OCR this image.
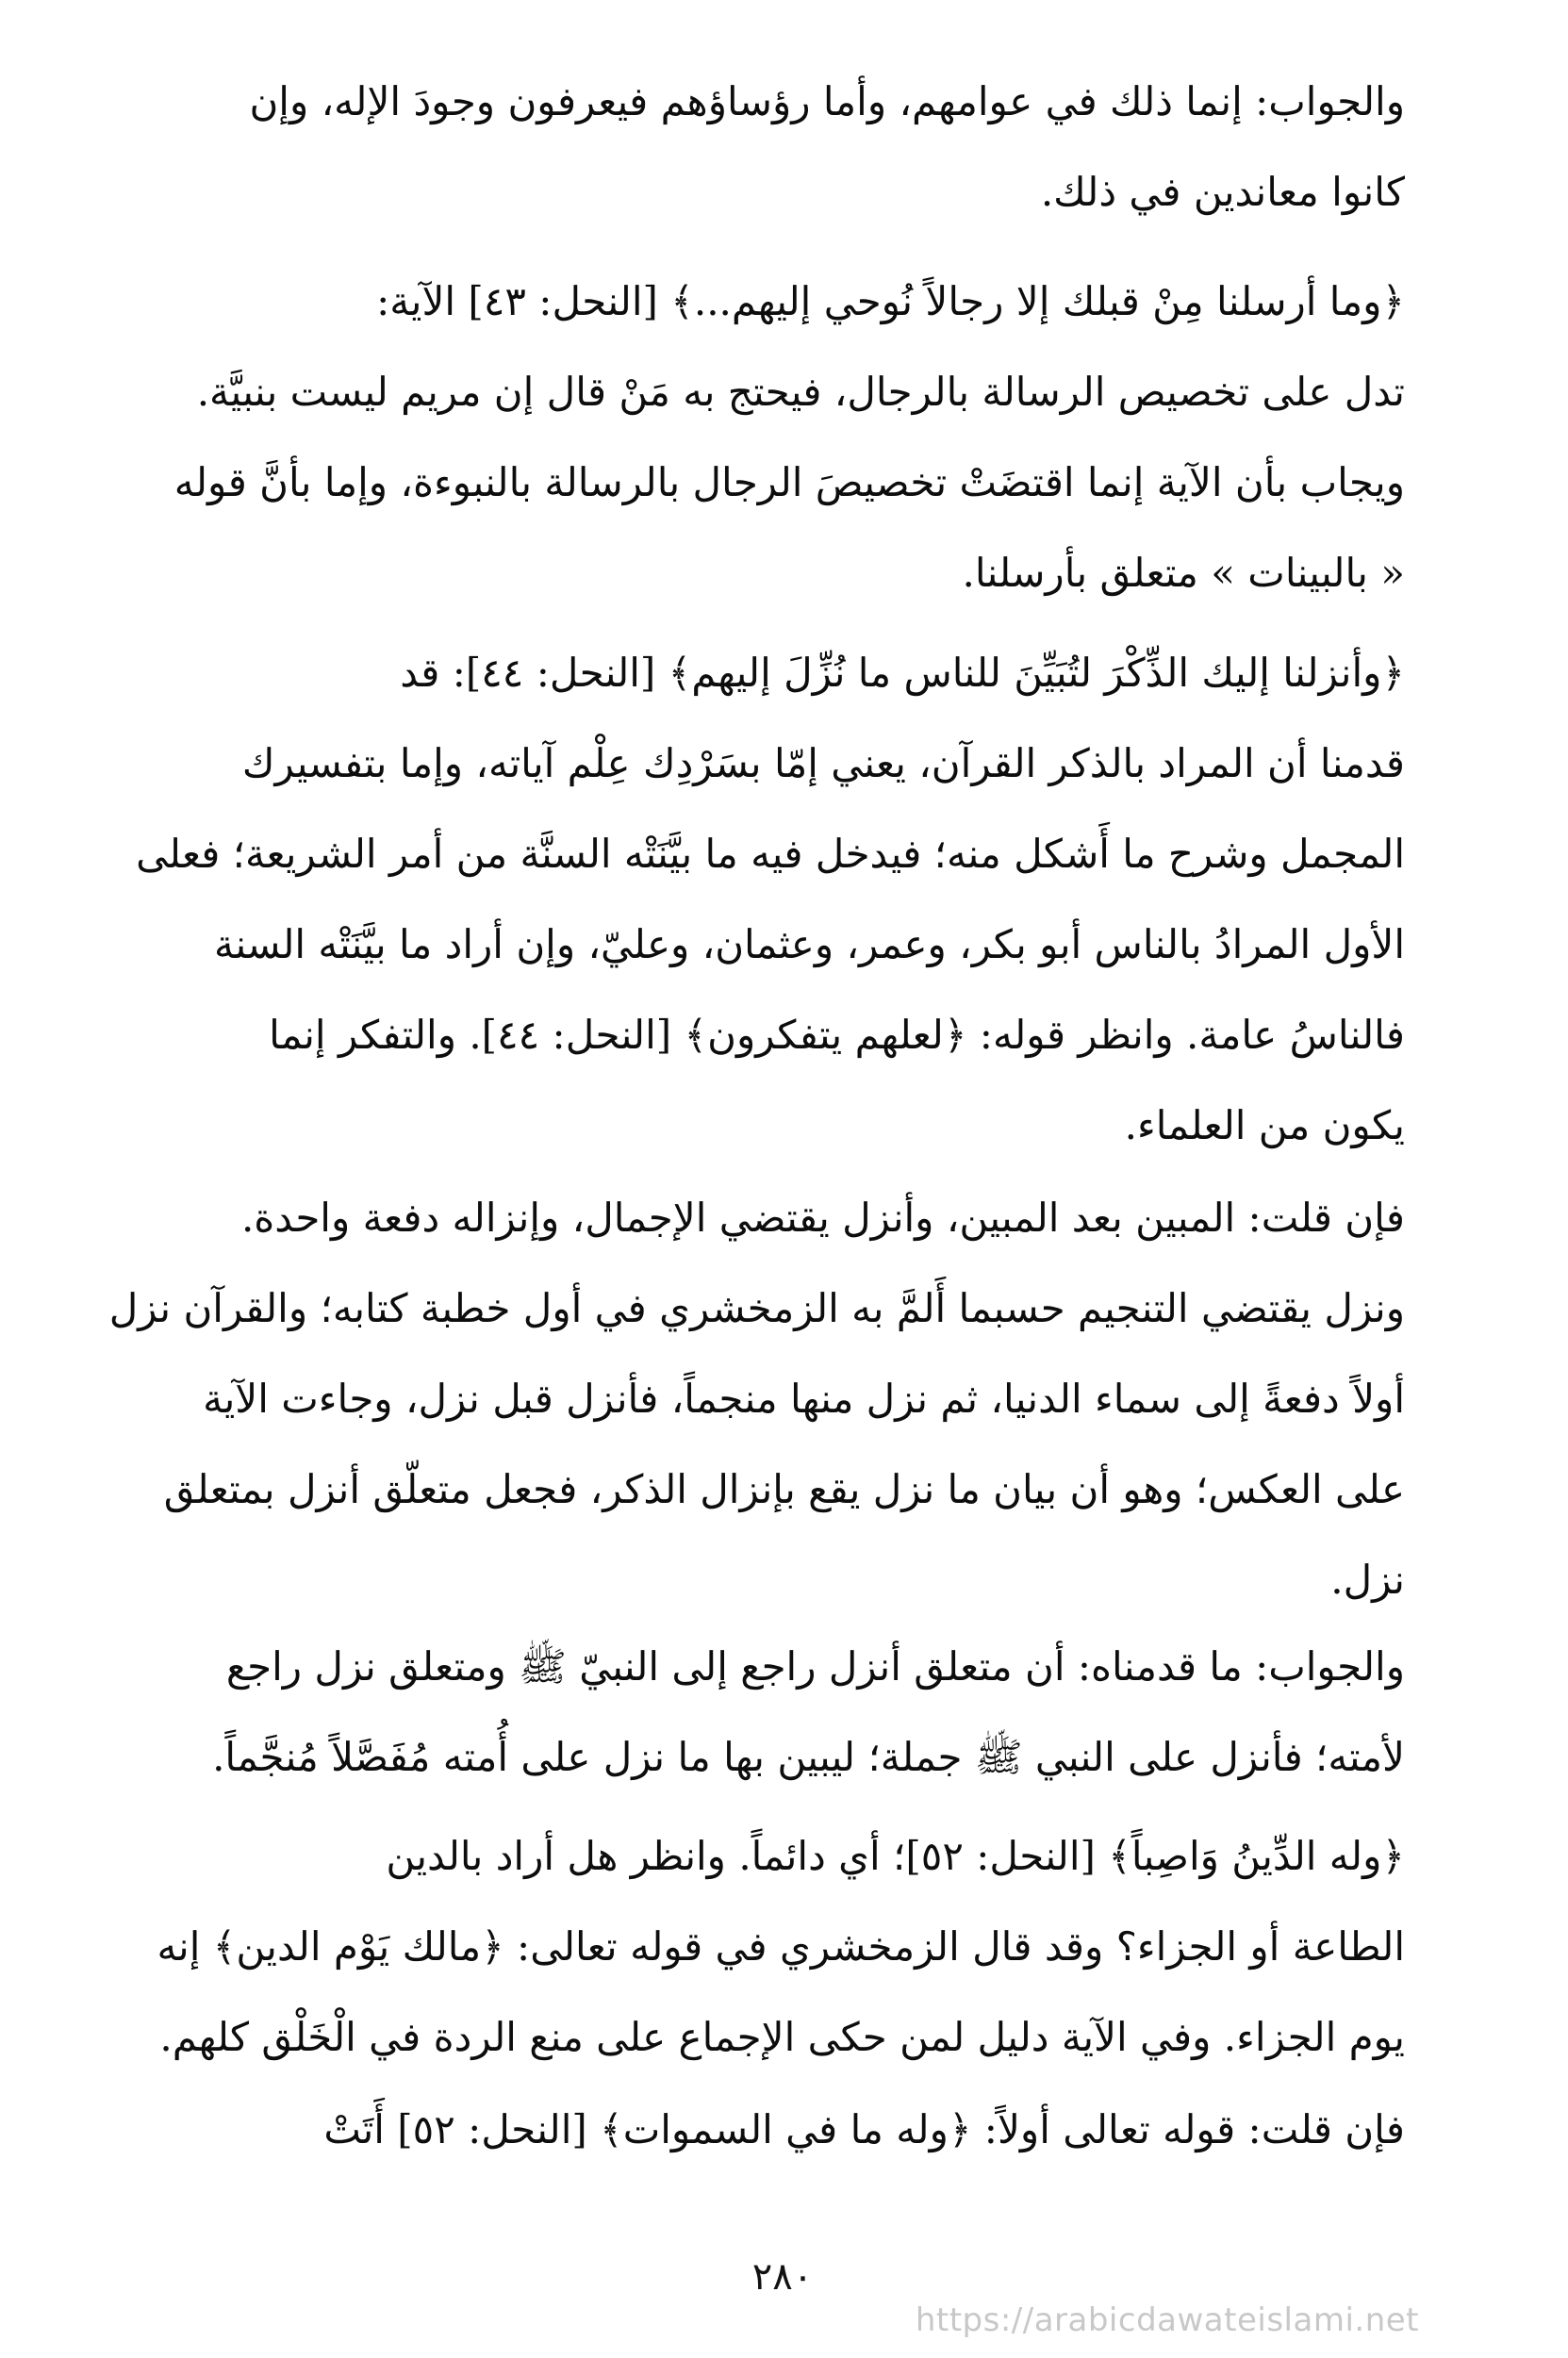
والجواب: إنما ذلك في عوامهم، وأما رؤساؤهم فيعرفون وجودَ الإله، وإن
كانوا معاندين في ذلك.
﴿وما أرسلنا مِنْ قبلك إلا رجالاً نُوحي إليهم...﴾ [النحل: ٤٣] الآية:
تدل على تخصيص الرسالة بالرجال، فيحتج به مَنْ قال إن مريم ليست بنبيَّة.
ويجاب بأن الآية إنما اقتضَتْ تخصيصَ الرجال بالرسالة بالنبوءة، وإما بأنَّ قوله
« بالبينات » متعلق بأرسلنا.
﴿وأنزلنا إليك الذِّكْرَ لتُبَيِّنَ للناس ما نُزِّلَ إليهم﴾ [النحل: ٤٤]: قد
قدمنا أن المراد بالذكر القرآن، يعني إمّا بسَرْدِك عِلْم آياته، وإما بتفسيرك
المجمل وشرح ما أَشكل منه؛ فيدخل فيه ما بيَّنَتْه السنَّة من أمر الشريعة؛ فعلى
الأول المرادُ بالناس أبو بكر، وعمر، وعثمان، وعليّ، وإن أراد ما بيَّنَتْه السنة
فالناسُ عامة. وانظر قوله: ﴿لعلهم يتفكرون﴾ [النحل: ٤٤]. والتفكر إنما
يكون من العلماء.
فإن قلت: المبين بعد المبين، وأنزل يقتضي الإجمال، وإنزاله دفعة واحدة.
ونزل يقتضي التنجيم حسبما أَلمَّ به الزمخشري في أول خطبة كتابه؛ والقرآن نزل
أولاً دفعةً إلى سماء الدنيا، ثم نزل منها منجماً، فأنزل قبل نزل، وجاءت الآية
على العكس؛ وهو أن بيان ما نزل يقع بإنزال الذكر، فجعل متعلّق أنزل بمتعلق
نزل.
والجواب: ما قدمناه: أن متعلق أنزل راجع إلى النبيّ ﷺ ومتعلق نزل راجع
لأمته؛ فأنزل على النبي ﷺ جملة؛ ليبين بها ما نزل على أُمته مُفَصَّلاً مُنجَّماً.
﴿وله الدِّينُ وَاصِباً﴾ [النحل: ٥٢]؛ أي دائماً. وانظر هل أراد بالدين
الطاعة أو الجزاء؟ وقد قال الزمخشري في قوله تعالى: ﴿مالك يَوْم الدين﴾ إنه
يوم الجزاء. وفي الآية دليل لمن حكى الإجماع على منع الردة في الْخَلْق كلهم.
فإن قلت: قوله تعالى أولاً: ﴿وله ما في السموات﴾ [النحل: ٥٢] أَتَتْ
٢٨٠
https://arabicdawateislami.net
